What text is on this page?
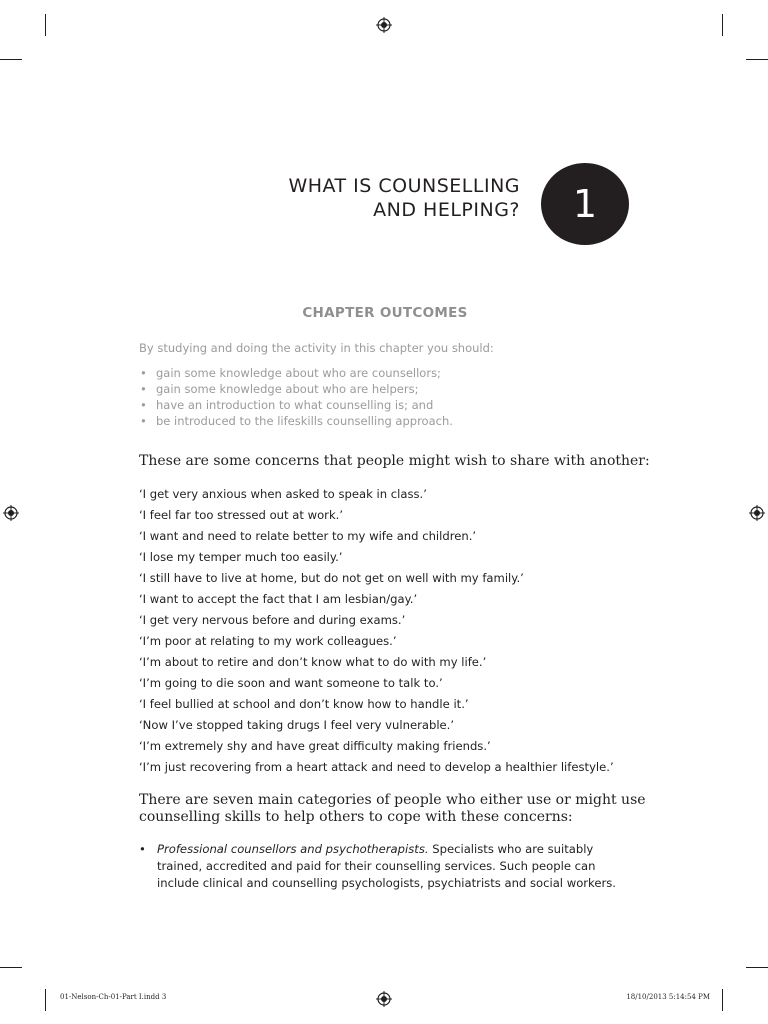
WHAT IS COUNSELLING
AND HELPING? 1
CHAPTER OUTCOMES
By studying and doing the activity in this chapter you should:
• gain some knowledge about who are counsellors;
• gain some knowledge about who are helpers;
• have an introduction to what counselling is; and
• be introduced to the lifeskills counselling approach.
These are some concerns that people might wish to share with another:
‘I get very anxious when asked to speak in class.’
‘I feel far too stressed out at work.’
‘I want and need to relate better to my wife and children.’
‘I lose my temper much too easily.’
‘I still have to live at home, but do not get on well with my family.’
‘I want to accept the fact that I am lesbian/gay.’
‘I get very nervous before and during exams.’
‘I’m poor at relating to my work colleagues.’
‘I’m about to retire and don’t know what to do with my life.’
‘I’m going to die soon and want someone to talk to.’
‘I feel bullied at school and don’t know how to handle it.’
‘Now I’ve stopped taking drugs I feel very vulnerable.’
‘I’m extremely shy and have great difficulty making friends.’
‘I’m just recovering from a heart attack and need to develop a healthier lifestyle.’
There are seven main categories of people who either use or might use
counselling skills to help others to cope with these concerns:
• Professional counsellors and psychotherapists. Specialists who are suitably trained, accredited and paid for their counselling services. Such people can include clinical and counselling psychologists, psychiatrists and social workers.
01-Nelson-Ch-01-Part I.indd 3	18/10/2013 5:14:54 PM
